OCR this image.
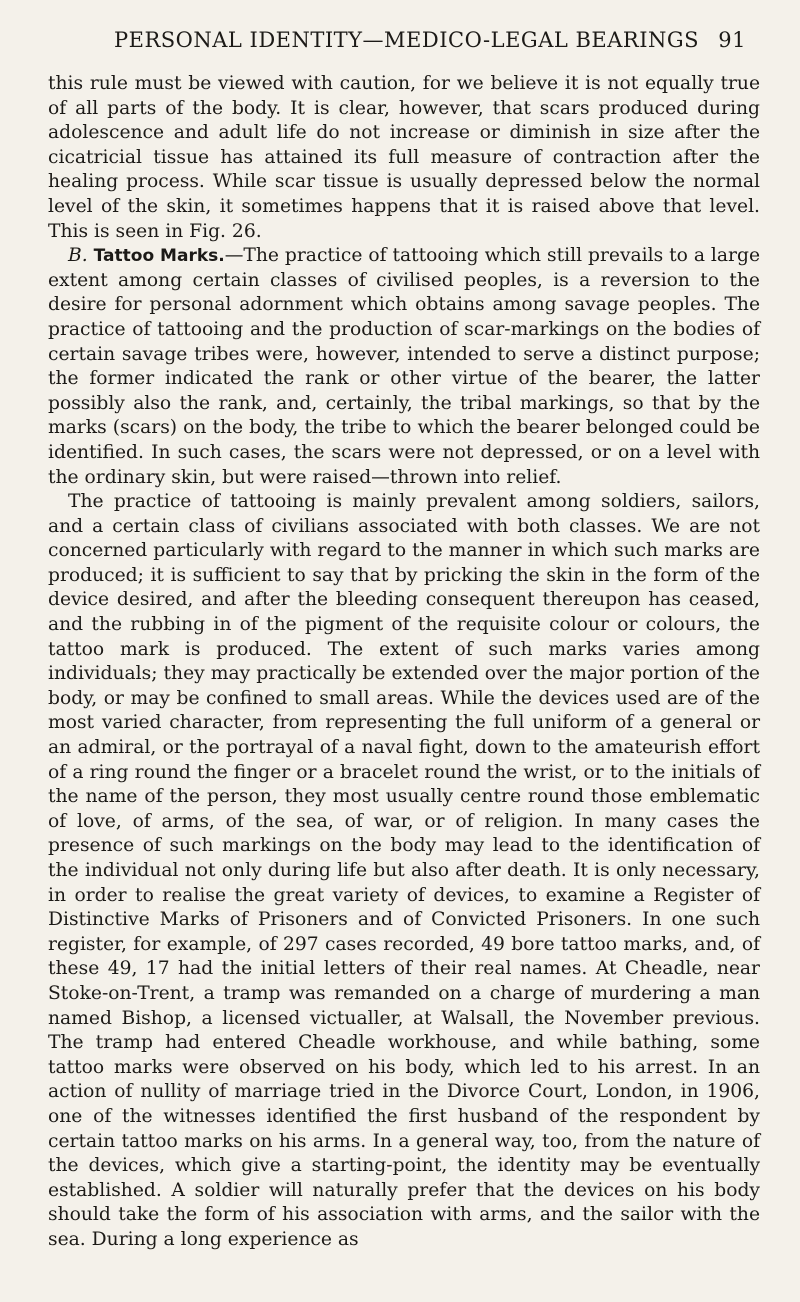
PERSONAL IDENTITY—MEDICO-LEGAL BEARINGS 91

this rule must be viewed with caution, for we believe it is not equally true of all parts of the body. It is clear, however, that scars produced during adolescence and adult life do not increase or diminish in size after the cicatricial tissue has attained its full measure of contraction after the healing process. While scar tissue is usually depressed below the normal level of the skin, it sometimes happens that it is raised above that level. This is seen in Fig. 26.

B. Tattoo Marks.—The practice of tattooing which still prevails to a large extent among certain classes of civilised peoples, is a reversion to the desire for personal adornment which obtains among savage peoples. The practice of tattooing and the production of scar-markings on the bodies of certain savage tribes were, however, intended to serve a distinct purpose; the former indicated the rank or other virtue of the bearer, the latter possibly also the rank, and, certainly, the tribal markings, so that by the marks (scars) on the body, the tribe to which the bearer belonged could be identified. In such cases, the scars were not depressed, or on a level with the ordinary skin, but were raised—thrown into relief.

The practice of tattooing is mainly prevalent among soldiers, sailors, and a certain class of civilians associated with both classes. We are not concerned particularly with regard to the manner in which such marks are produced; it is sufficient to say that by pricking the skin in the form of the device desired, and after the bleeding consequent thereupon has ceased, and the rubbing in of the pigment of the requisite colour or colours, the tattoo mark is produced. The extent of such marks varies among individuals; they may practically be extended over the major portion of the body, or may be confined to small areas. While the devices used are of the most varied character, from representing the full uniform of a general or an admiral, or the portrayal of a naval fight, down to the amateurish effort of a ring round the finger or a bracelet round the wrist, or to the initials of the name of the person, they most usually centre round those emblematic of love, of arms, of the sea, of war, or of religion. In many cases the presence of such markings on the body may lead to the identification of the individual not only during life but also after death. It is only necessary, in order to realise the great variety of devices, to examine a Register of Distinctive Marks of Prisoners and of Convicted Prisoners. In one such register, for example, of 297 cases recorded, 49 bore tattoo marks, and, of these 49, 17 had the initial letters of their real names. At Cheadle, near Stoke-on-Trent, a tramp was remanded on a charge of murdering a man named Bishop, a licensed victualler, at Walsall, the November previous. The tramp had entered Cheadle workhouse, and while bathing, some tattoo marks were observed on his body, which led to his arrest. In an action of nullity of marriage tried in the Divorce Court, London, in 1906, one of the witnesses identified the first husband of the respondent by certain tattoo marks on his arms. In a general way, too, from the nature of the devices, which give a starting-point, the identity may be eventually established. A soldier will naturally prefer that the devices on his body should take the form of his association with arms, and the sailor with the sea. During a long experience as
